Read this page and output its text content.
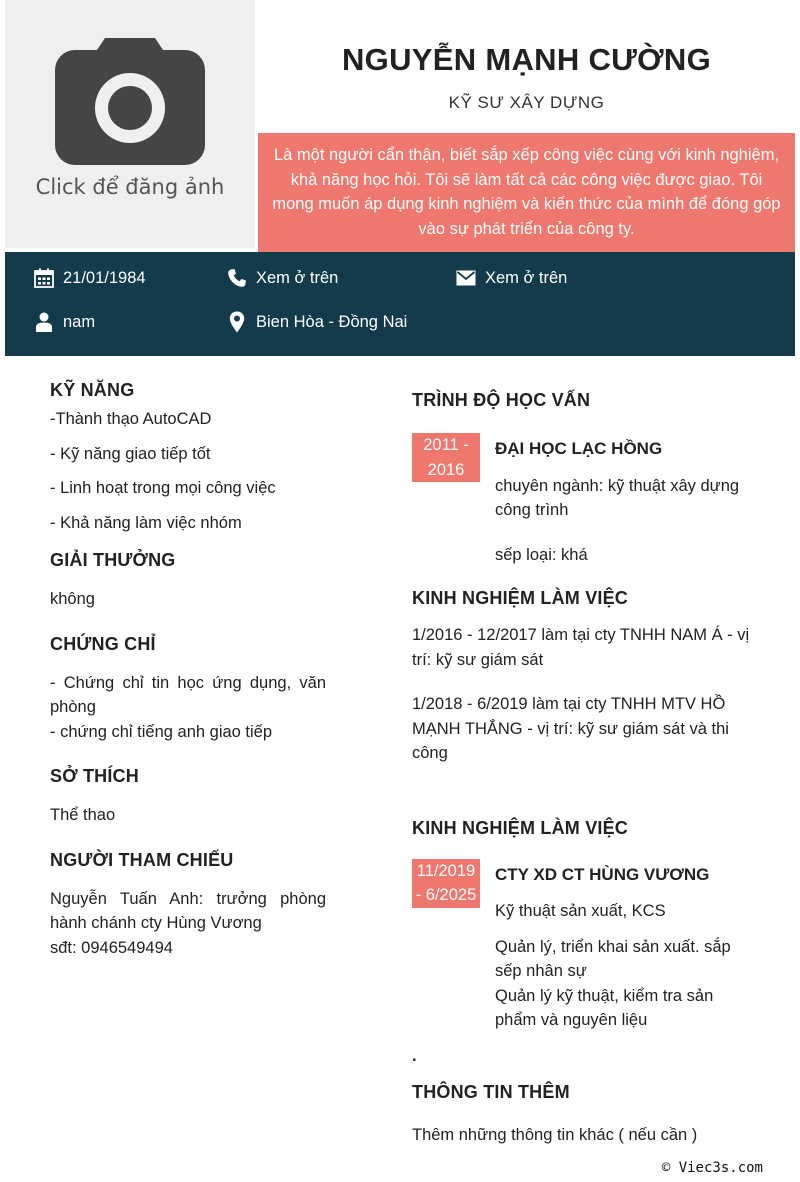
Click để đăng ảnh
NGUYỄN MẠNH CƯỜNG
KỸ SƯ XÂY DỰNG
Là một người cẩn thận, biết sắp xếp công việc cùng với kinh nghiệm, khả năng học hỏi. Tôi sẽ làm tất cả các công việc được giao. Tôi mong muốn áp dụng kinh nghiệm và kiến thức của mình để đóng góp vào sự phát triển của công ty.
21/01/1984	Xem ở trên	Xem ở trên
nam	Bien Hòa - Đồng Nai
KỸ NĂNG
-Thành thạo AutoCAD
- Kỹ năng giao tiếp tốt
- Linh hoạt trong mọi công việc
- Khả năng làm việc nhóm
GIẢI THƯỞNG
không
CHỨNG CHỈ
- Chứng chỉ tin học ứng dụng, văn phòng
- chứng chỉ tiếng anh giao tiếp
SỞ THÍCH
Thể thao
NGƯỜI THAM CHIẾU
Nguyễn Tuấn Anh: trưởng phòng hành chánh cty Hùng Vương
sđt: 0946549494
TRÌNH ĐỘ HỌC VẤN
2011 - 2016
ĐẠI HỌC LẠC HỒNG
chuyên ngành: kỹ thuật xây dựng công trình
sếp loại: khá
KINH NGHIỆM LÀM VIỆC
1/2016 - 12/2017 làm tại cty TNHH NAM Á - vị trí: kỹ sư giám sát
1/2018 - 6/2019 làm tại cty TNHH MTV HỒ MẠNH THẮNG - vị trí: kỹ sư giám sát và thi công
KINH NGHIỆM LÀM VIỆC
11/2019 - 6/2025
CTY XD CT HÙNG VƯƠNG
Kỹ thuật sản xuất, KCS
Quản lý, triển khai sản xuất. sắp sếp nhân sự
Quản lý kỹ thuật, kiểm tra sản phẩm và nguyên liệu
.
THÔNG TIN THÊM
Thêm những thông tin khác ( nếu cần )
© Viec3s.com
